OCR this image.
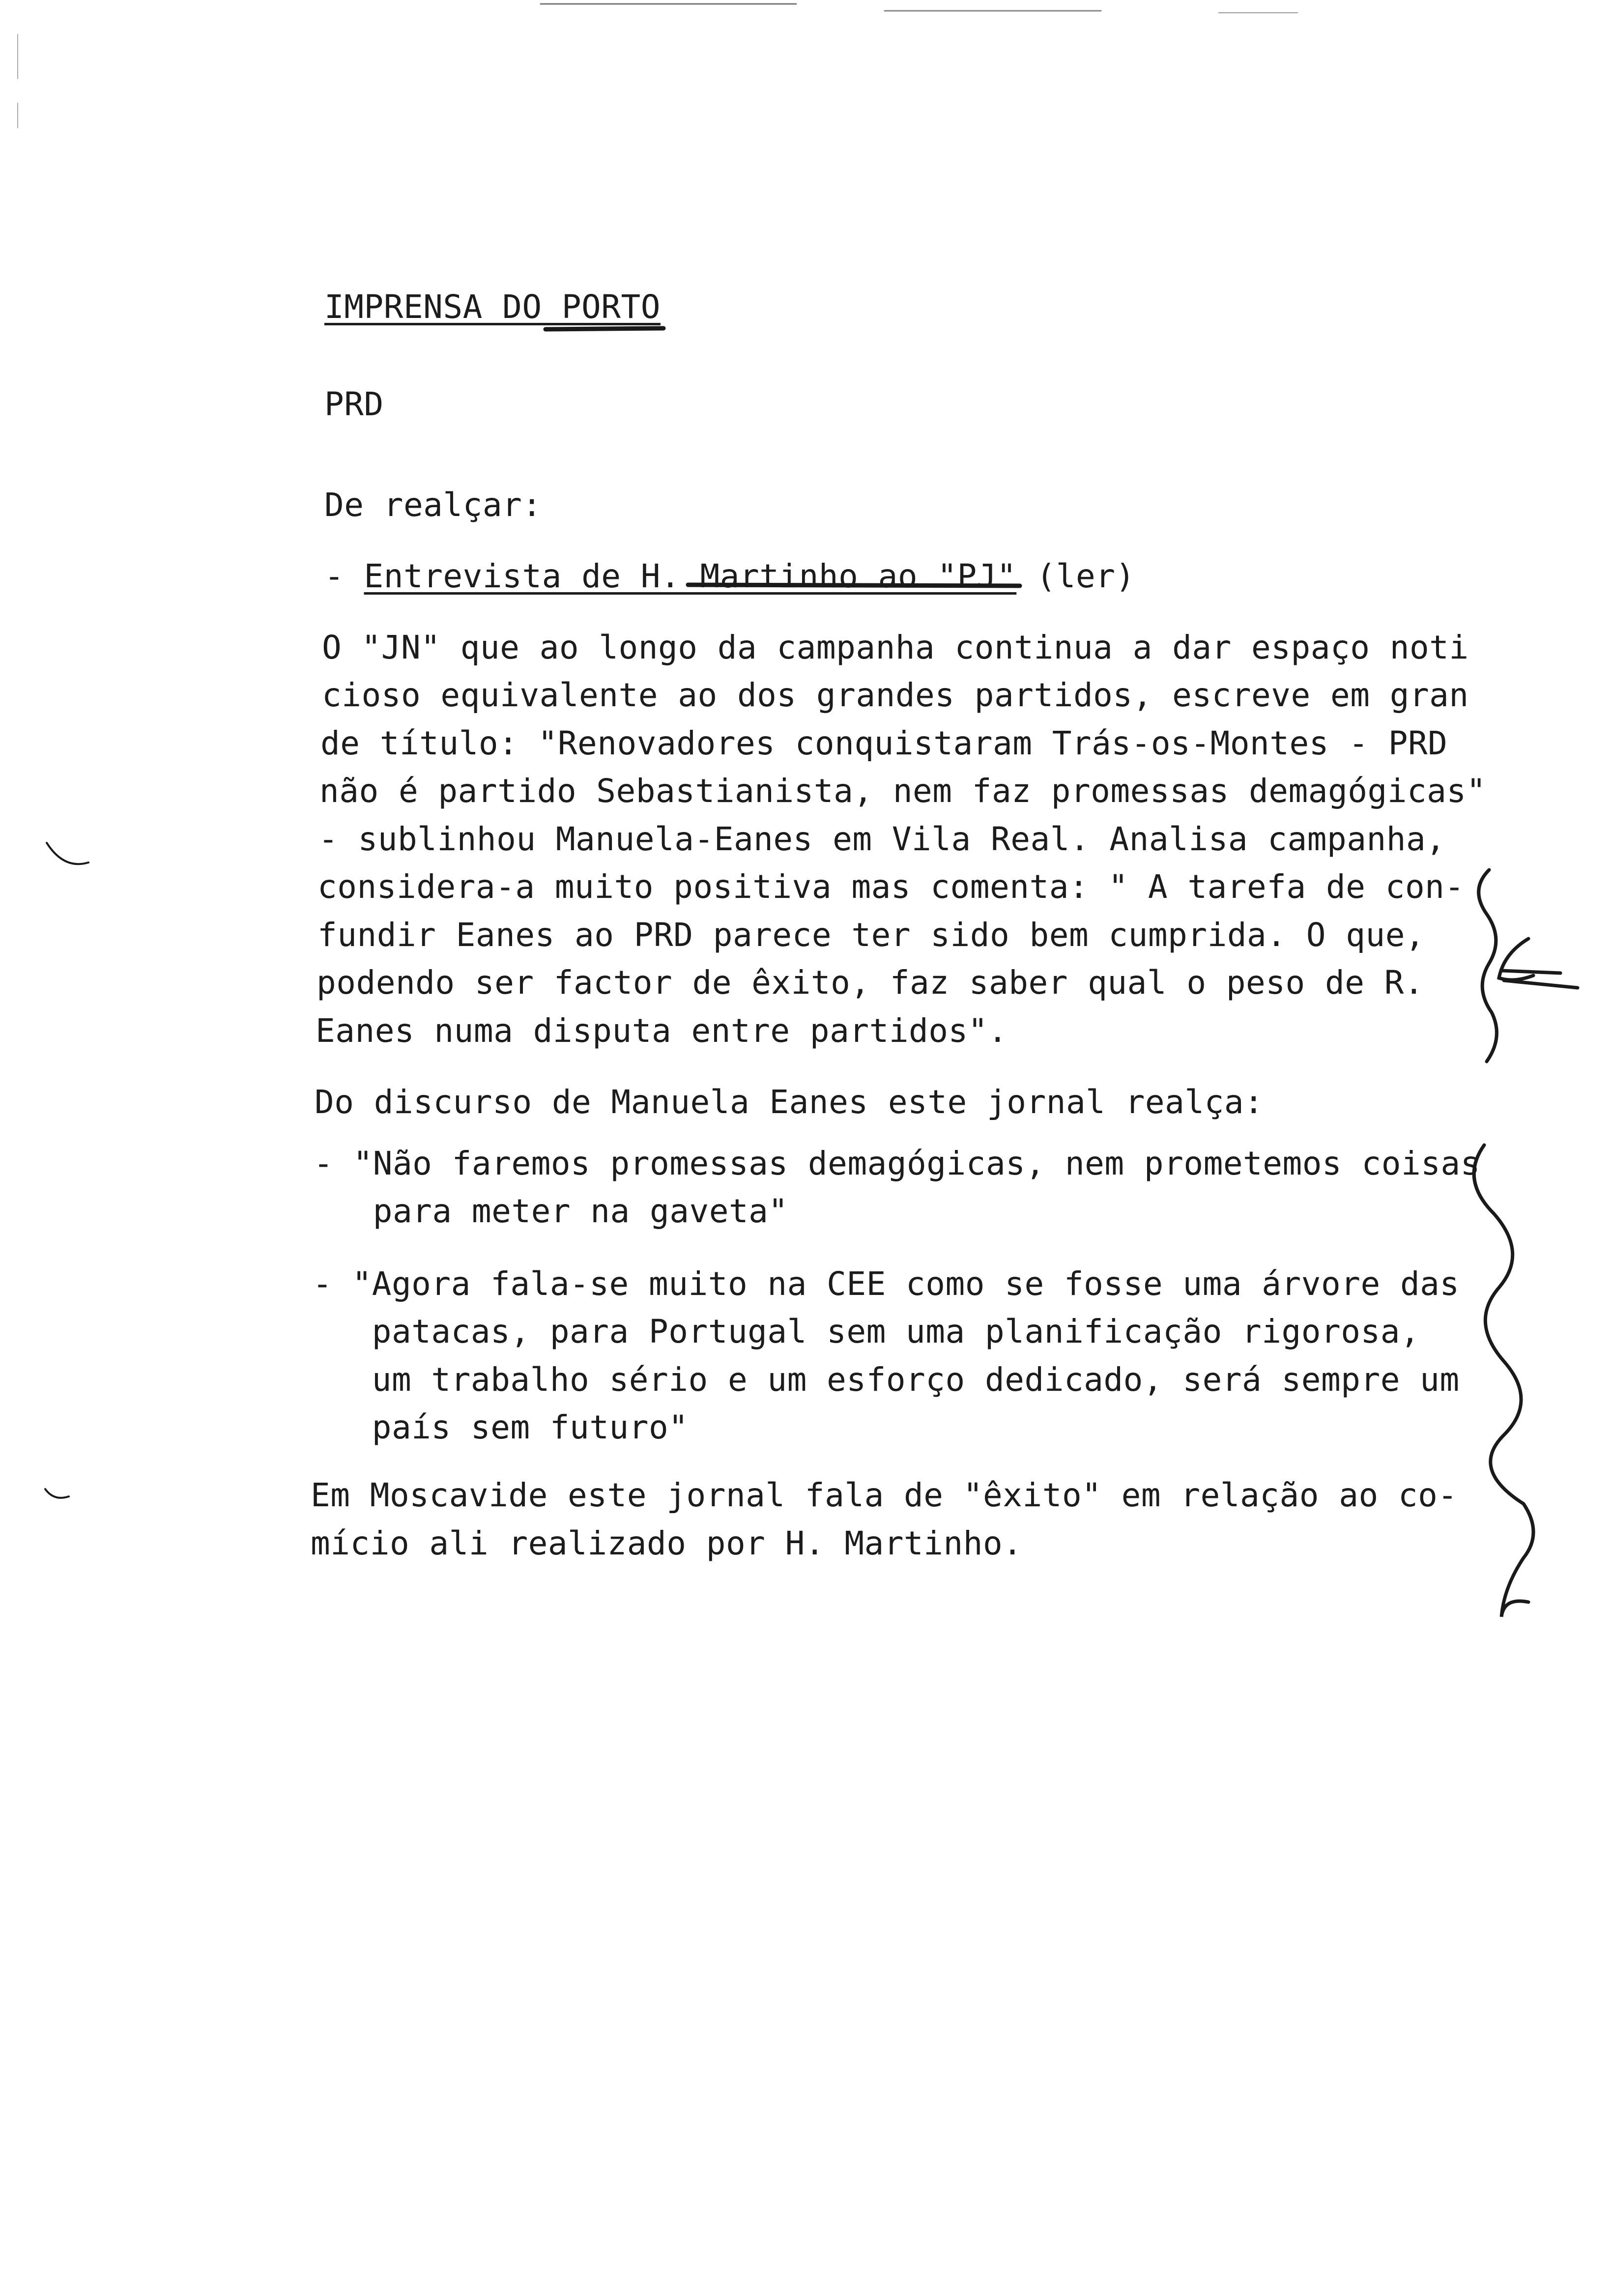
IMPRENSA DO PORTO
PRD
De realçar:
- Entrevista de H. Martinho ao "PJ" (ler)
O "JN" que ao longo da campanha continua a dar espaço noti
cioso equivalente ao dos grandes partidos, escreve em gran
de título: "Renovadores conquistaram Trás-os-Montes - PRD
não é partido Sebastianista, nem faz promessas demagógicas"
- sublinhou Manuela-Eanes em Vila Real. Analisa campanha,
considera-a muito positiva mas comenta: " A tarefa de con-
fundir Eanes ao PRD parece ter sido bem cumprida. O que,
podendo ser factor de êxito, faz saber qual o peso de R.
Eanes numa disputa entre partidos".
Do discurso de Manuela Eanes este jornal realça:
- "Não faremos promessas demagógicas, nem prometemos coisas
para meter na gaveta"
- "Agora fala-se muito na CEE como se fosse uma árvore das
patacas, para Portugal sem uma planificação rigorosa,
um trabalho sério e um esforço dedicado, será sempre um
país sem futuro"
Em Moscavide este jornal fala de "êxito" em relação ao co-
mício ali realizado por H. Martinho.
